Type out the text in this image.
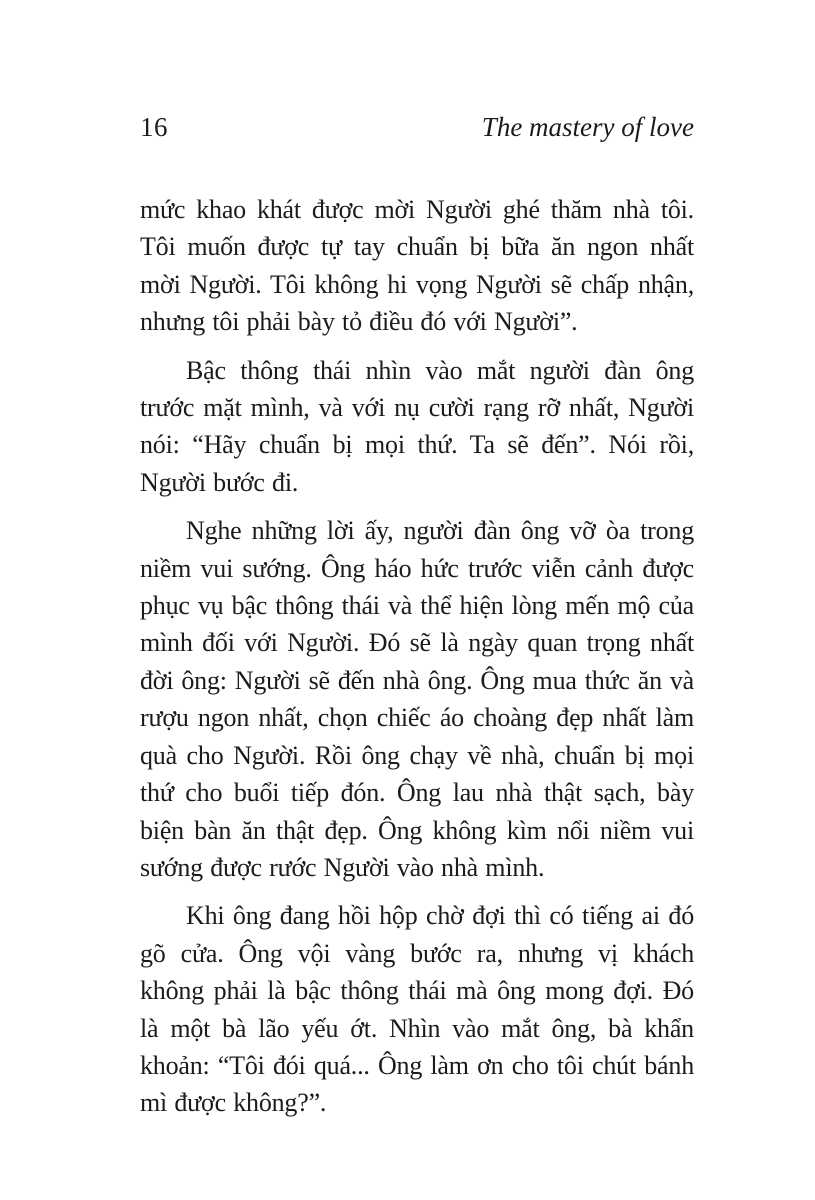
16	The mastery of love

mức khao khát được mời Người ghé thăm nhà tôi. Tôi muốn được tự tay chuẩn bị bữa ăn ngon nhất mời Người. Tôi không hi vọng Người sẽ chấp nhận, nhưng tôi phải bày tỏ điều đó với Người”.

Bậc thông thái nhìn vào mắt người đàn ông trước mặt mình, và với nụ cười rạng rỡ nhất, Người nói: “Hãy chuẩn bị mọi thứ. Ta sẽ đến”. Nói rồi, Người bước đi.

Nghe những lời ấy, người đàn ông vỡ òa trong niềm vui sướng. Ông háo hức trước viễn cảnh được phục vụ bậc thông thái và thể hiện lòng mến mộ của mình đối với Người. Đó sẽ là ngày quan trọng nhất đời ông: Người sẽ đến nhà ông. Ông mua thức ăn và rượu ngon nhất, chọn chiếc áo choàng đẹp nhất làm quà cho Người. Rồi ông chạy về nhà, chuẩn bị mọi thứ cho buổi tiếp đón. Ông lau nhà thật sạch, bày biện bàn ăn thật đẹp. Ông không kìm nổi niềm vui sướng được rước Người vào nhà mình.

Khi ông đang hồi hộp chờ đợi thì có tiếng ai đó gõ cửa. Ông vội vàng bước ra, nhưng vị khách không phải là bậc thông thái mà ông mong đợi. Đó là một bà lão yếu ớt. Nhìn vào mắt ông, bà khẩn khoản: “Tôi đói quá... Ông làm ơn cho tôi chút bánh mì được không?”.
